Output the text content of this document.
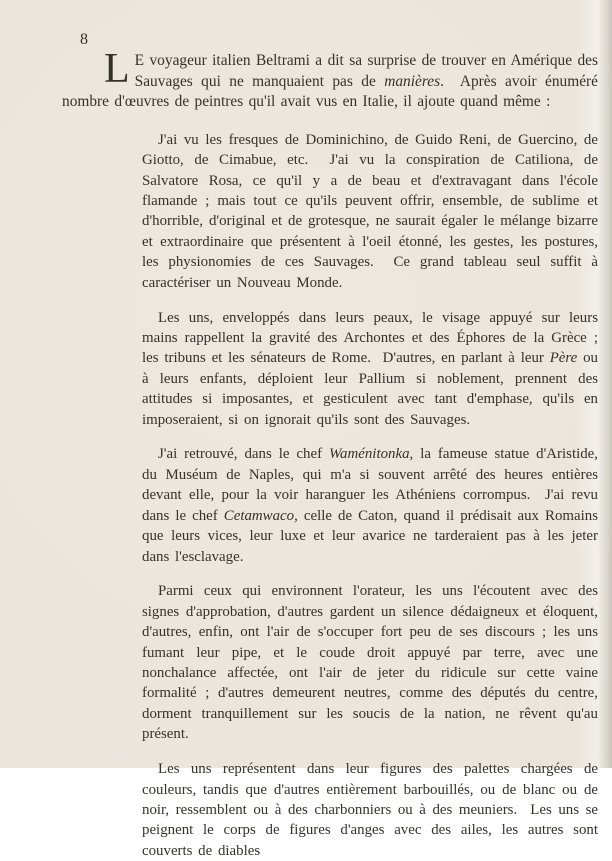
8

L E voyageur italien Beltrami a dit sa surprise de trouver en Amérique des Sauvages qui ne manquaient pas de manières.  Après avoir énuméré nombre d'œuvres de peintres qu'il avait vus en Italie, il ajoute quand même :

J'ai vu les fresques de Dominichino, de Guido Reni, de Guercino, de Giotto, de Cimabue, etc.  J'ai vu la conspiration de Catiliona, de Salvatore Rosa, ce qu'il y a de beau et d'extravagant dans l'école flamande ; mais tout ce qu'ils peuvent offrir, ensemble, de sublime et d'horrible, d'original et de grotesque, ne saurait égaler le mélange bizarre et extraordinaire que présentent à l'oeil étonné, les gestes, les postures, les physionomies de ces Sauvages.  Ce grand tableau seul suffit à caractériser un Nouveau Monde.

Les uns, enveloppés dans leurs peaux, le visage appuyé sur leurs mains rappellent la gravité des Archontes et des Éphores de la Grèce ; les tribuns et les sénateurs de Rome.  D'autres, en parlant à leur Père ou à leurs enfants, déploient leur Pallium si noblement, prennent des attitudes si imposantes, et gesticulent avec tant d'emphase, qu'ils en imposeraient, si on ignorait qu'ils sont des Sauvages.

J'ai retrouvé, dans le chef Waménitonka, la fameuse statue d'Aristide, du Muséum de Naples, qui m'a si souvent arrêté des heures entières devant elle, pour la voir haranguer les Athéniens corrompus.  J'ai revu dans le chef Cetamwaco, celle de Caton, quand il prédisait aux Romains que leurs vices, leur luxe et leur avarice ne tarderaient pas à les jeter dans l'esclavage.

Parmi ceux qui environnent l'orateur, les uns l'écoutent avec des signes d'approbation, d'autres gardent un silence dédaigneux et éloquent, d'autres, enfin, ont l'air de s'occuper fort peu de ses discours ; les uns fumant leur pipe, et le coude droit appuyé par terre, avec une nonchalance affectée, ont l'air de jeter du ridicule sur cette vaine formalité ; d'autres demeurent neutres, comme des députés du centre, dorment tranquillement sur les soucis de la nation, ne rêvent qu'au présent.

Les uns représentent dans leur figures des palettes chargées de couleurs, tandis que d'autres entièrement barbouillés, ou de blanc ou de noir, ressemblent ou à des charbonniers ou à des meuniers.  Les uns se peignent le corps de figures d'anges avec des ailes, les autres sont couverts de diables
